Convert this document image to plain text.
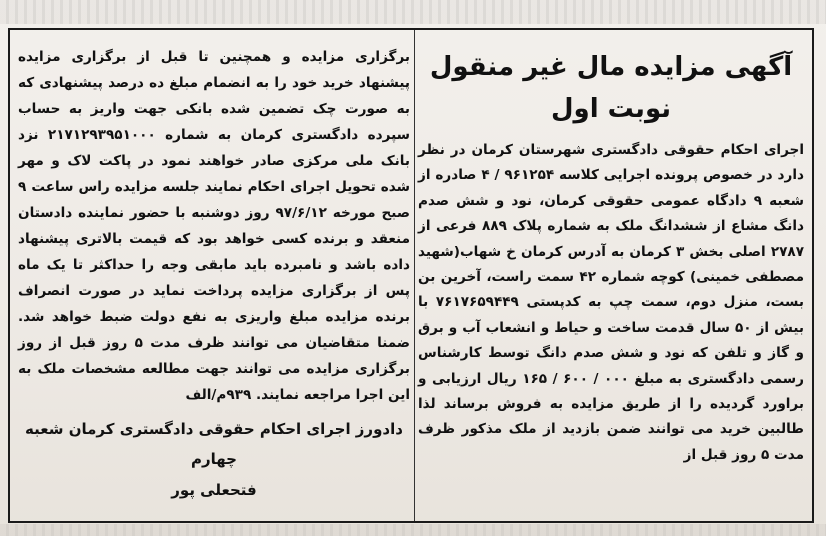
آگهی مزایده مال غیر منقول
نوبت اول

اجرای احکام حقوقی دادگستری شهرستان کرمان در نظر دارد در خصوص پرونده اجرایی کلاسه ۹۶۱۲۵۴ / ۴ صادره از شعبه ۹ دادگاه عمومی حقوقی کرمان، نود و شش صدم دانگ مشاع از ششدانگ ملک به شماره پلاک ۸۸۹ فرعی از ۲۷۸۷ اصلی بخش ۳ کرمان به آدرس کرمان خ شهاب(شهید مصطفی خمینی) کوچه شماره ۴۲ سمت راست، آخرین بن بست، منزل دوم، سمت چپ به کدپستی ۷۶۱۷۶۵۹۴۴۹ با بیش از ۵۰ سال قدمت ساخت و حیاط و انشعاب آب و برق و گاز و تلفن که نود و شش صدم دانگ توسط کارشناس رسمی دادگستری به مبلغ ۰۰۰ / ۶۰۰ / ۱۶۵ ریال ارزیابی و براورد گردیده را از طریق مزایده به فروش برساند لذا طالبین خرید می توانند ضمن بازدید از ملک مذکور ظرف مدت ۵ روز قبل از

برگزاری مزایده و همچنین تا قبل از برگزاری مزایده پیشنهاد خرید خود را به انضمام مبلغ ده درصد پیشنهادی که به صورت چک تضمین شده بانکی جهت واریز به حساب سپرده دادگستری کرمان به شماره ۲۱۷۱۲۹۳۹۵۱۰۰۰ نزد بانک ملی مرکزی صادر خواهند نمود در پاکت لاک و مهر شده تحویل اجرای احکام نمایند جلسه مزایده راس ساعت ۹ صبح مورخه ۹۷/۶/۱۲ روز دوشنبه با حضور نماینده دادستان منعقد و برنده کسی خواهد بود که قیمت بالاتری پیشنهاد داده باشد و نامبرده باید مابقی وجه را حداکثر تا یک ماه پس از برگزاری مزایده پرداخت نماید در صورت انصراف برنده مزایده مبلغ واریزی به نفع دولت ضبط خواهد شد. ضمنا متقاضیان می توانند ظرف مدت ۵ روز قبل از روز برگزاری مزایده می توانند جهت مطالعه مشخصات ملک به این اجرا مراجعه نمایند. ۹۳۹م/الف

دادورز اجرای احکام حقوقی دادگستری کرمان شعبه چهارم
فتحعلی پور
